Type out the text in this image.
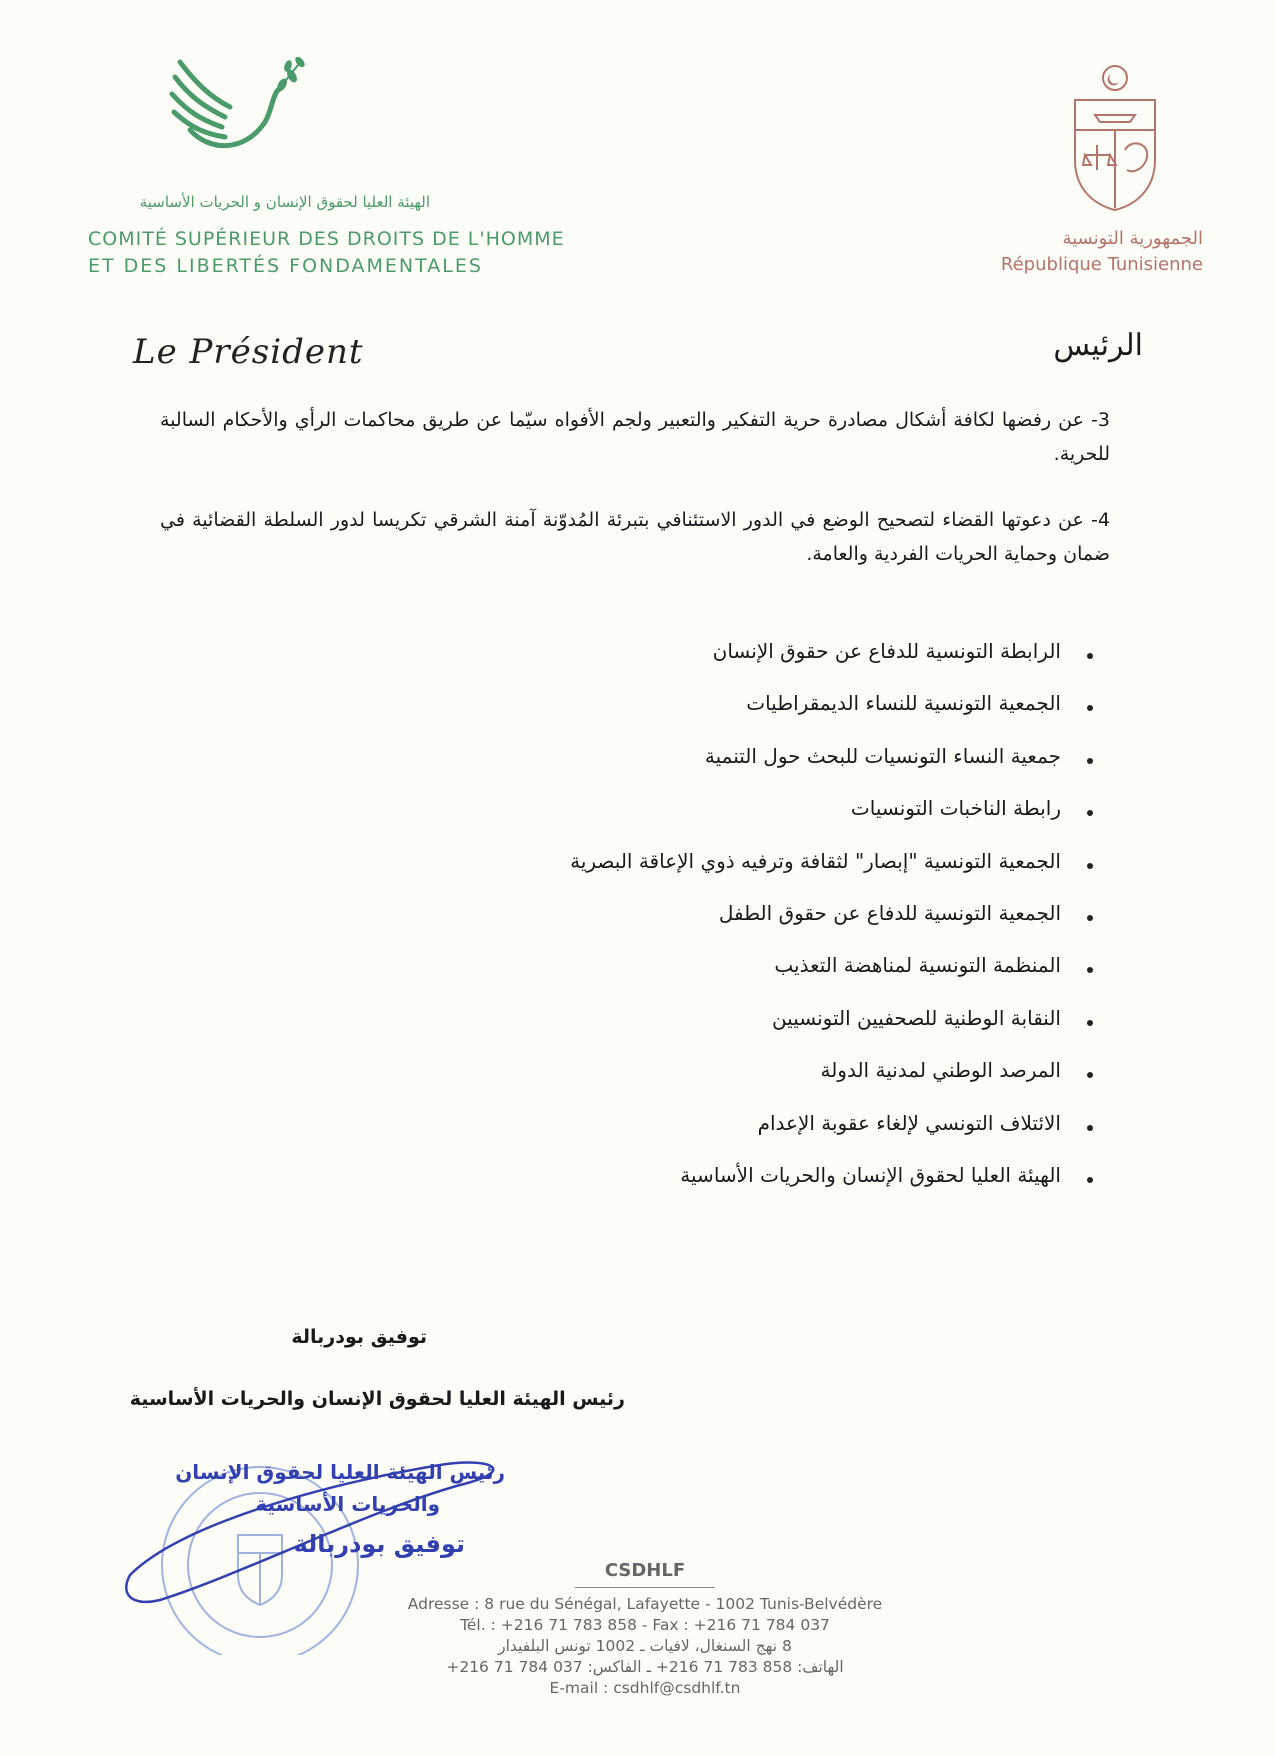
الهيئة العليا لحقوق الإنسان و الحريات الأساسية
COMITÉ SUPÉRIEUR DES DROITS DE L'HOMME
ET DES LIBERTÉS FONDAMENTALES
الجمهورية التونسية
République Tunisienne
Le Président	الرئيس
3- عن رفضها لكافة أشكال مصادرة حرية التفكير والتعبير ولجم الأفواه سيّما عن طريق محاكمات الرأي والأحكام السالبة للحرية.
4- عن دعوتها القضاء لتصحيح الوضع في الدور الاستئنافي بتبرئة المُدوّنة آمنة الشرقي تكريسا لدور السلطة القضائية في ضمان وحماية الحريات الفردية والعامة.
الرابطة التونسية للدفاع عن حقوق الإنسان
الجمعية التونسية للنساء الديمقراطيات
جمعية النساء التونسيات للبحث حول التنمية
رابطة الناخبات التونسيات
الجمعية التونسية "إبصار" لثقافة وترفيه ذوي الإعاقة البصرية
الجمعية التونسية للدفاع عن حقوق الطفل
المنظمة التونسية لمناهضة التعذيب
النقابة الوطنية للصحفيين التونسيين
المرصد الوطني لمدنية الدولة
الائتلاف التونسي لإلغاء عقوبة الإعدام
الهيئة العليا لحقوق الإنسان والحريات الأساسية
توفيق بودربالة
رئيس الهيئة العليا لحقوق الإنسان والحريات الأساسية
رئيس الهيئة العليا لحقوق الإنسان
والحريات الأساسية
توفيق بودربالة
CSDHLF
Adresse : 8 rue du Sénégal, Lafayette - 1002 Tunis-Belvédère
Tél. : +216 71 783 858 - Fax : +216 71 784 037
8 نهج السنغال، لافيات ـ 1002 تونس البلفيدار
الهاتف: 858 783 71 216+ ـ الفاكس: 037 784 71 216+
E-mail : csdhlf@csdhlf.tn
